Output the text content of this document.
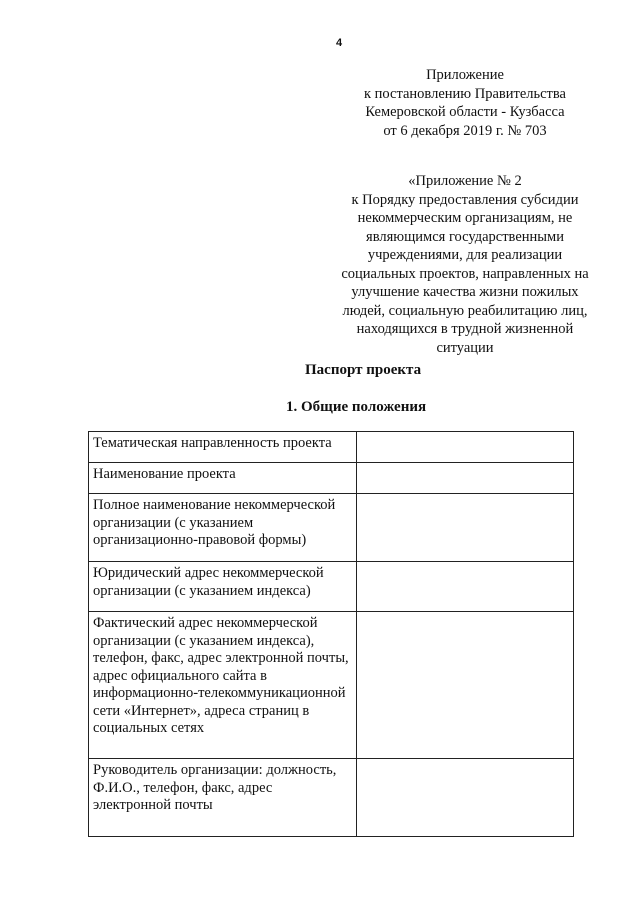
4
Приложение
к постановлению Правительства
Кемеровской области - Кузбасса
от 6 декабря 2019 г. № 703
«Приложение № 2
к Порядку предоставления субсидии
некоммерческим организациям, не
являющимся государственными
учреждениями, для реализации
социальных проектов, направленных на
улучшение качества жизни пожилых
людей, социальную реабилитацию лиц,
находящихся в трудной жизненной
ситуации
Паспорт проекта
1. Общие положения
Тематическая направленность проекта	
Наименование проекта	
Полное наименование некоммерческой организации (с указанием организационно-правовой формы)	
Юридический адрес некоммерческой организации (с указанием индекса)	
Фактический адрес некоммерческой организации (с указанием индекса), телефон, факс, адрес электронной почты, адрес официального сайта в информационно-телекоммуникационной сети «Интернет», адреса страниц в социальных сетях	
Руководитель организации: должность, Ф.И.О., телефон, факс, адрес электронной почты	
